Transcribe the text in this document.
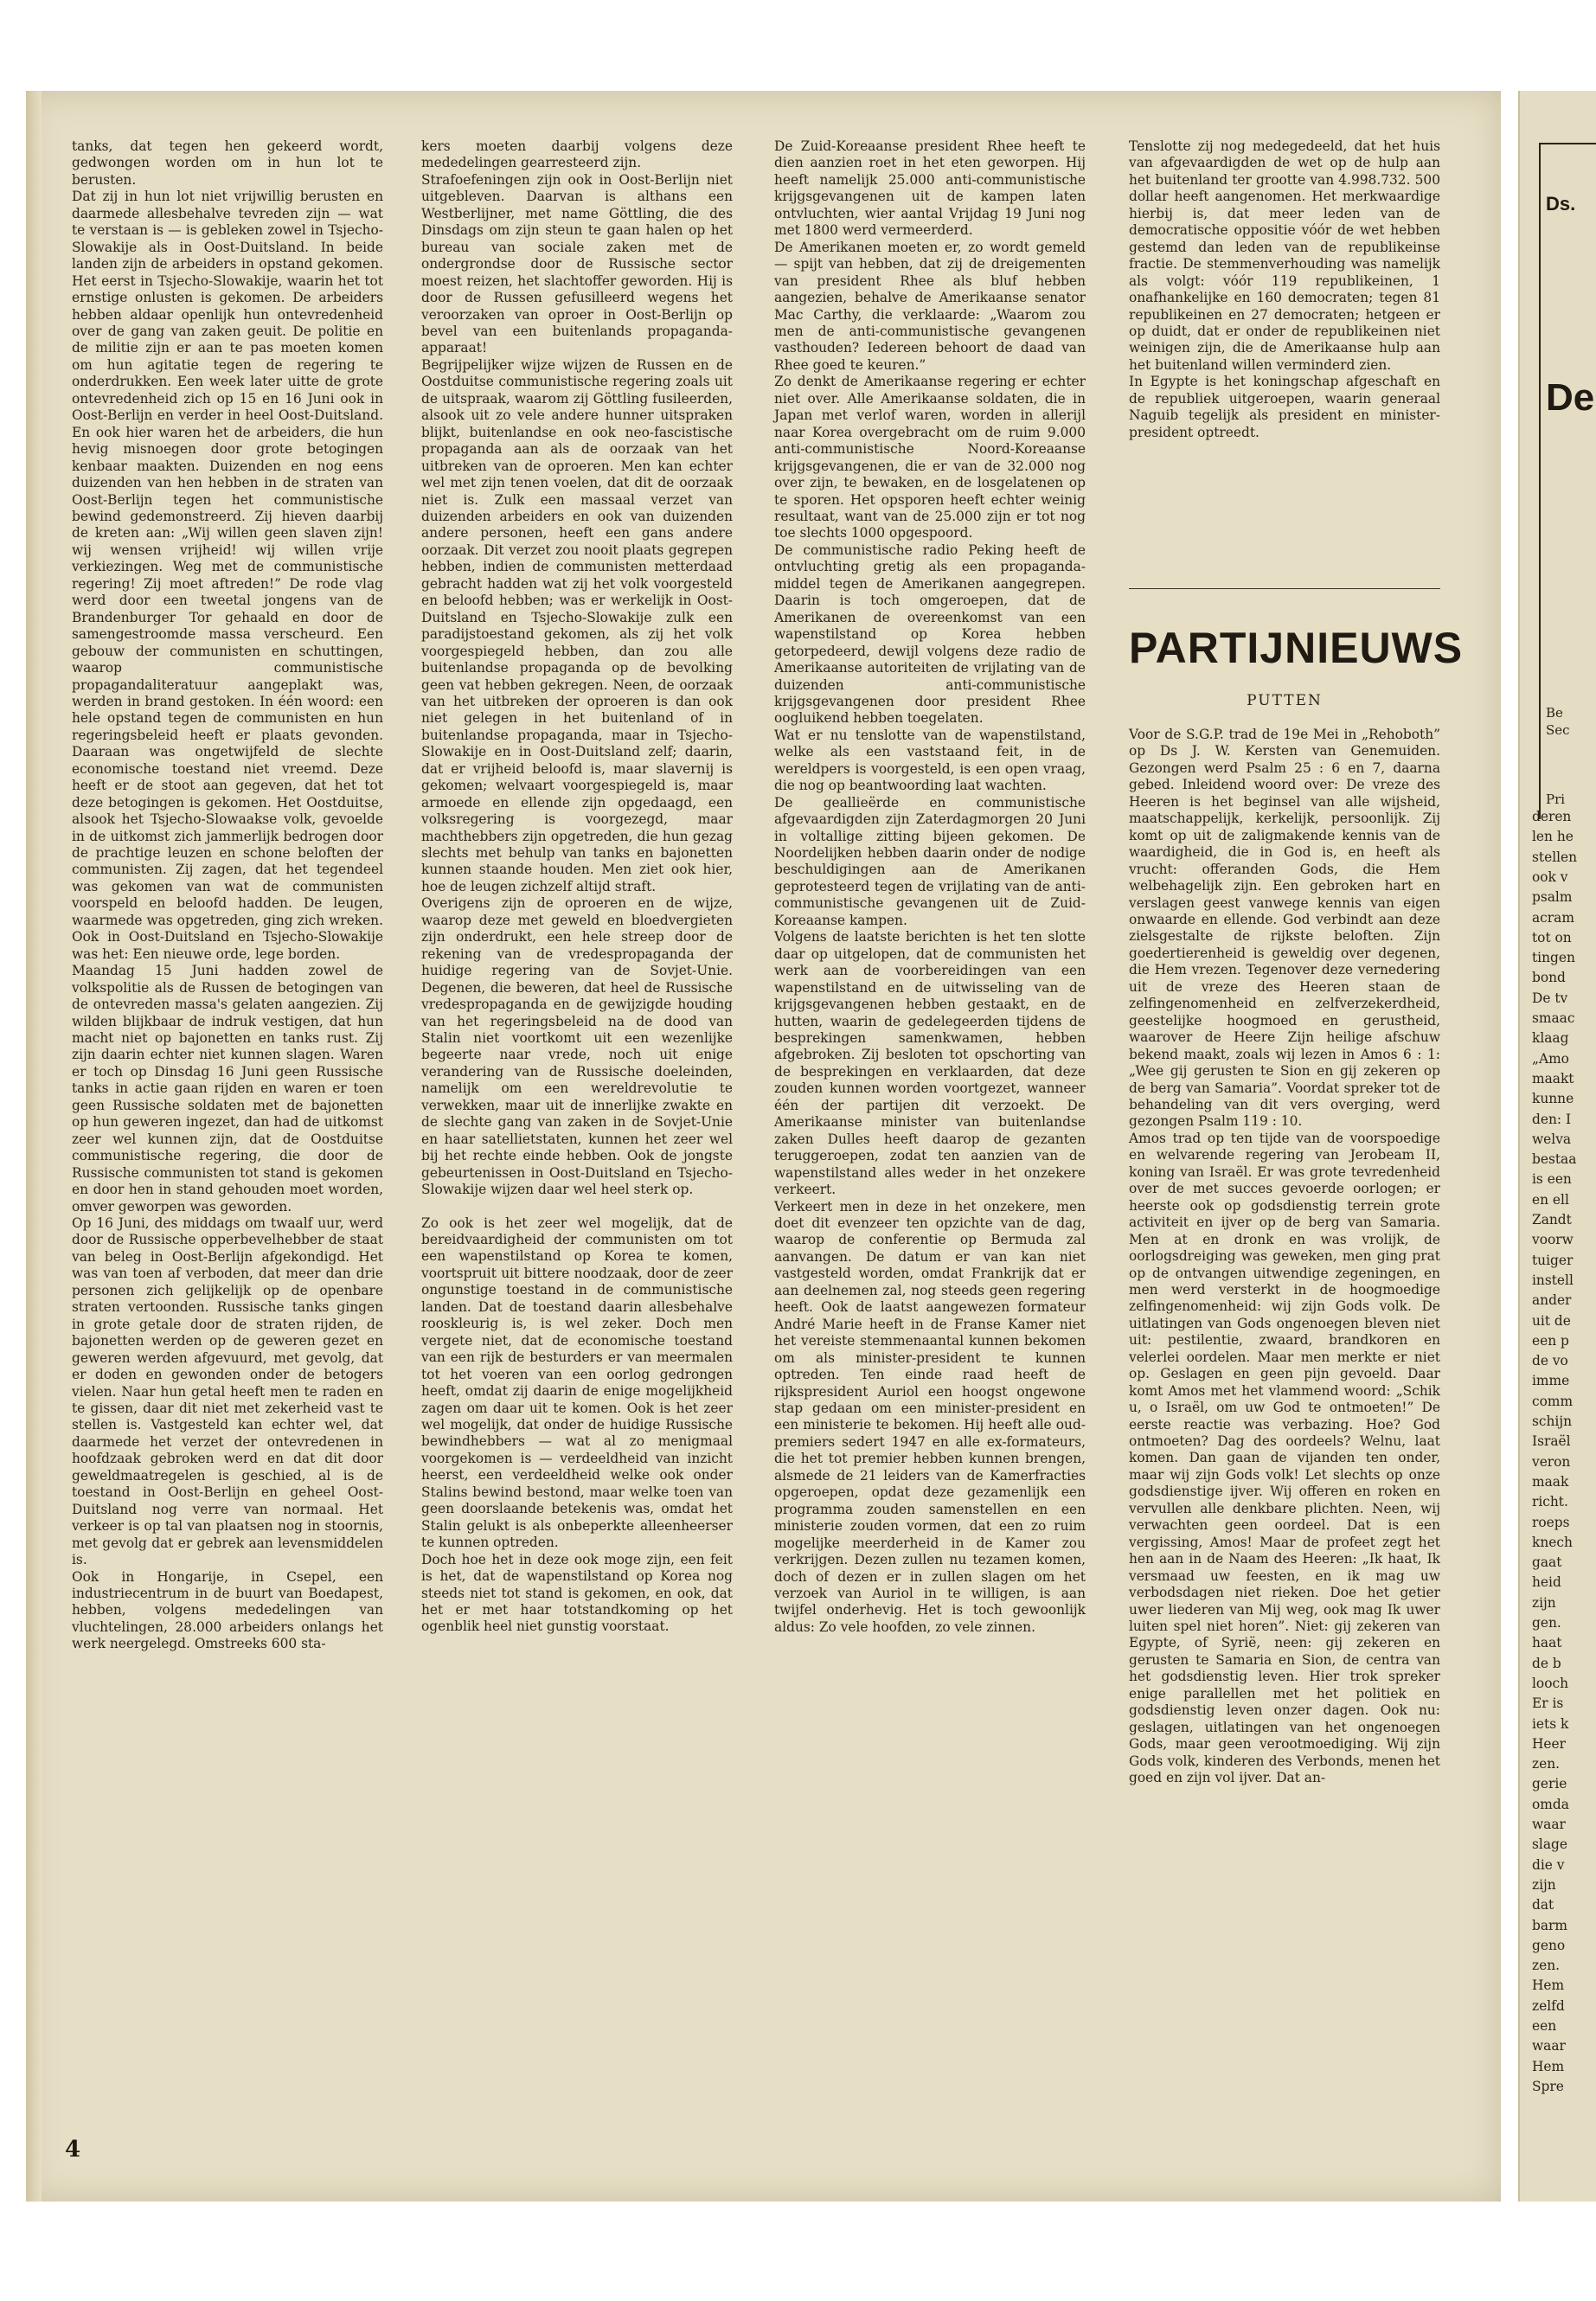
tanks, dat tegen hen gekeerd wordt, gedwongen worden om in hun lot te berusten.

Dat zij in hun lot niet vrijwillig berusten en daarmede allesbehalve tevreden zijn — wat te verstaan is — is gebleken zowel in Tsjecho-Slowakije als in Oost-Duitsland. In beide landen zijn de arbeiders in opstand gekomen. Het eerst in Tsjecho-Slowakije, waarin het tot ernstige onlusten is gekomen. De arbeiders hebben aldaar openlijk hun ontevredenheid over de gang van zaken geuit. De politie en de militie zijn er aan te pas moeten komen om hun agitatie tegen de regering te onderdrukken. Een week later uitte de grote ontevredenheid zich op 15 en 16 Juni ook in Oost-Berlijn en verder in heel Oost-Duitsland. En ook hier waren het de arbeiders, die hun hevig misnoegen door grote betogingen kenbaar maakten. Duizenden en nog eens duizenden van hen hebben in de straten van Oost-Berlijn tegen het communistische bewind gedemonstreerd. Zij hieven daarbij de kreten aan: „Wij willen geen slaven zijn! wij wensen vrijheid! wij willen vrije verkiezingen. Weg met de communistische regering! Zij moet aftreden!” De rode vlag werd door een tweetal jongens van de Brandenburger Tor gehaald en door de samengestroomde massa verscheurd. Een gebouw der communisten en schuttingen, waarop communistische propagandaliteratuur aangeplakt was, werden in brand gestoken. In één woord: een hele opstand tegen de communisten en hun regeringsbeleid heeft er plaats gevonden. Daaraan was ongetwijfeld de slechte economische toestand niet vreemd. Deze heeft er de stoot aan gegeven, dat het tot deze betogingen is gekomen. Het Oostduitse, alsook het Tsjecho-Slowaakse volk, gevoelde in de uitkomst zich jammerlijk bedrogen door de prachtige leuzen en schone beloften der communisten. Zij zagen, dat het tegendeel was gekomen van wat de communisten voorspeld en beloofd hadden. De leugen, waarmede was opgetreden, ging zich wreken. Ook in Oost-Duitsland en Tsjecho-Slowakije was het: Een nieuwe orde, lege borden.

Maandag 15 Juni hadden zowel de volkspolitie als de Russen de betogingen van de ontevreden massa's gelaten aangezien. Zij wilden blijkbaar de indruk vestigen, dat hun macht niet op bajonetten en tanks rust. Zij zijn daarin echter niet kunnen slagen. Waren er toch op Dinsdag 16 Juni geen Russische tanks in actie gaan rijden en waren er toen geen Russische soldaten met de bajonetten op hun geweren ingezet, dan had de uitkomst zeer wel kunnen zijn, dat de Oostduitse communistische regering, die door de Russische communisten tot stand is gekomen en door hen in stand gehouden moet worden, omver geworpen was geworden.

Op 16 Juni, des middags om twaalf uur, werd door de Russische opperbevelhebber de staat van beleg in Oost-Berlijn afgekondigd. Het was van toen af verboden, dat meer dan drie personen zich gelijkelijk op de openbare straten vertoonden. Russische tanks gingen in grote getale door de straten rijden, de bajonetten werden op de geweren gezet en geweren werden afgevuurd, met gevolg, dat er doden en gewonden onder de betogers vielen. Naar hun getal heeft men te raden en te gissen, daar dit niet met zekerheid vast te stellen is. Vastgesteld kan echter wel, dat daarmede het verzet der ontevredenen in hoofdzaak gebroken werd en dat dit door geweldmaatregelen is geschied, al is de toestand in Oost-Berlijn en geheel Oost-Duitsland nog verre van normaal. Het verkeer is op tal van plaatsen nog in stoornis, met gevolg dat er gebrek aan levensmiddelen is.

Ook in Hongarije, in Csepel, een industriecentrum in de buurt van Boedapest, hebben, volgens mededelingen van vluchtelingen, 28.000 arbeiders onlangs het werk neergelegd. Omstreeks 600 sta-

kers moeten daarbij volgens deze mededelingen gearresteerd zijn.

Strafoefeningen zijn ook in Oost-Berlijn niet uitgebleven. Daarvan is althans een Westberlijner, met name Göttling, die des Dinsdags om zijn steun te gaan halen op het bureau van sociale zaken met de ondergrondse door de Russische sector moest reizen, het slachtoffer geworden. Hij is door de Russen gefusilleerd wegens het veroorzaken van oproer in Oost-Berlijn op bevel van een buitenlands propaganda-apparaat!

Begrijpelijker wijze wijzen de Russen en de Oostduitse communistische regering zoals uit de uitspraak, waarom zij Göttling fusileerden, alsook uit zo vele andere hunner uitspraken blijkt, buitenlandse en ook neo-fascistische propaganda aan als de oorzaak van het uitbreken van de oproeren. Men kan echter wel met zijn tenen voelen, dat dit de oorzaak niet is. Zulk een massaal verzet van duizenden arbeiders en ook van duizenden andere personen, heeft een gans andere oorzaak. Dit verzet zou nooit plaats gegrepen hebben, indien de communisten metterdaad gebracht hadden wat zij het volk voorgesteld en beloofd hebben; was er werkelijk in Oost-Duitsland en Tsjecho-Slowakije zulk een paradijstoestand gekomen, als zij het volk voorgespiegeld hebben, dan zou alle buitenlandse propaganda op de bevolking geen vat hebben gekregen. Neen, de oorzaak van het uitbreken der oproeren is dan ook niet gelegen in het buitenland of in buitenlandse propaganda, maar in Tsjecho-Slowakije en in Oost-Duitsland zelf; daarin, dat er vrijheid beloofd is, maar slavernij is gekomen; welvaart voorgespiegeld is, maar armoede en ellende zijn opgedaagd, een volksregering is voorgezegd, maar machthebbers zijn opgetreden, die hun gezag slechts met behulp van tanks en bajonetten kunnen staande houden. Men ziet ook hier, hoe de leugen zichzelf altijd straft.

Overigens zijn de oproeren en de wijze, waarop deze met geweld en bloedvergieten zijn onderdrukt, een hele streep door de rekening van de vredespropaganda der huidige regering van de Sovjet-Unie. Degenen, die beweren, dat heel de Russische vredespropaganda en de gewijzigde houding van het regeringsbeleid na de dood van Stalin niet voortkomt uit een wezenlijke begeerte naar vrede, noch uit enige verandering van de Russische doeleinden, namelijk om een wereldrevolutie te verwekken, maar uit de innerlijke zwakte en de slechte gang van zaken in de Sovjet-Unie en haar satellietstaten, kunnen het zeer wel bij het rechte einde hebben. Ook de jongste gebeurtenissen in Oost-Duitsland en Tsjecho-Slowakije wijzen daar wel heel sterk op.

Zo ook is het zeer wel mogelijk, dat de bereidvaardigheid der communisten om tot een wapenstilstand op Korea te komen, voortspruit uit bittere noodzaak, door de zeer ongunstige toestand in de communistische landen. Dat de toestand daarin allesbehalve rooskleurig is, is wel zeker. Doch men vergete niet, dat de economische toestand van een rijk de besturders er van meermalen tot het voeren van een oorlog gedrongen heeft, omdat zij daarin de enige mogelijkheid zagen om daar uit te komen. Ook is het zeer wel mogelijk, dat onder de huidige Russische bewindhebbers — wat al zo menigmaal voorgekomen is — verdeeldheid van inzicht heerst, een verdeeldheid welke ook onder Stalins bewind bestond, maar welke toen van geen doorslaande betekenis was, omdat het Stalin gelukt is als onbeperkte alleenheerser te kunnen optreden.

Doch hoe het in deze ook moge zijn, een feit is het, dat de wapenstilstand op Korea nog steeds niet tot stand is gekomen, en ook, dat het er met haar totstandkoming op het ogenblik heel niet gunstig voorstaat.

De Zuid-Koreaanse president Rhee heeft te dien aanzien roet in het eten geworpen. Hij heeft namelijk 25.000 anti-communistische krijgsgevangenen uit de kampen laten ontvluchten, wier aantal Vrijdag 19 Juni nog met 1800 werd vermeerderd.

De Amerikanen moeten er, zo wordt gemeld — spijt van hebben, dat zij de dreigementen van president Rhee als bluf hebben aangezien, behalve de Amerikaanse senator Mac Carthy, die verklaarde: „Waarom zou men de anti-communistische gevangenen vasthouden? Iedereen behoort de daad van Rhee goed te keuren.”

Zo denkt de Amerikaanse regering er echter niet over. Alle Amerikaanse soldaten, die in Japan met verlof waren, worden in allerijl naar Korea overgebracht om de ruim 9.000 anti-communistische Noord-Koreaanse krijgsgevangenen, die er van de 32.000 nog over zijn, te bewaken, en de losgelatenen op te sporen. Het opsporen heeft echter weinig resultaat, want van de 25.000 zijn er tot nog toe slechts 1000 opgespoord.

De communistische radio Peking heeft de ontvluchting gretig als een propaganda-middel tegen de Amerikanen aangegrepen. Daarin is toch omgeroepen, dat de Amerikanen de overeenkomst van een wapenstilstand op Korea hebben getorpedeerd, dewijl volgens deze radio de Amerikaanse autoriteiten de vrijlating van de duizenden anti-communistische krijgsgevangenen door president Rhee oogluikend hebben toegelaten.

Wat er nu tenslotte van de wapenstilstand, welke als een vaststaand feit, in de wereldpers is voorgesteld, is een open vraag, die nog op beantwoording laat wachten.

De geallieërde en communistische afgevaardigden zijn Zaterdagmorgen 20 Juni in voltallige zitting bijeen gekomen. De Noordelijken hebben daarin onder de nodige beschuldigingen aan de Amerikanen geprotesteerd tegen de vrijlating van de anti-communistische gevangenen uit de Zuid-Koreaanse kampen.

Volgens de laatste berichten is het ten slotte daar op uitgelopen, dat de communisten het werk aan de voorbereidingen van een wapenstilstand en de uitwisseling van de krijgsgevangenen hebben gestaakt, en de hutten, waarin de gedelegeerden tijdens de besprekingen samenkwamen, hebben afgebroken. Zij besloten tot opschorting van de besprekingen en verklaarden, dat deze zouden kunnen worden voortgezet, wanneer één der partijen dit verzoekt. De Amerikaanse minister van buitenlandse zaken Dulles heeft daarop de gezanten teruggeroepen, zodat ten aanzien van de wapenstilstand alles weder in het onzekere verkeert.

Verkeert men in deze in het onzekere, men doet dit evenzeer ten opzichte van de dag, waarop de conferentie op Bermuda zal aanvangen. De datum er van kan niet vastgesteld worden, omdat Frankrijk dat er aan deelnemen zal, nog steeds geen regering heeft. Ook de laatst aangewezen formateur André Marie heeft in de Franse Kamer niet het vereiste stemmenaantal kunnen bekomen om als minister-president te kunnen optreden. Ten einde raad heeft de rijkspresident Auriol een hoogst ongewone stap gedaan om een minister-president en een ministerie te bekomen. Hij heeft alle oud-premiers sedert 1947 en alle ex-formateurs, die het tot premier hebben kunnen brengen, alsmede de 21 leiders van de Kamerfracties opgeroepen, opdat deze gezamenlijk een programma zouden samenstellen en een ministerie zouden vormen, dat een zo ruim mogelijke meerderheid in de Kamer zou verkrijgen. Dezen zullen nu tezamen komen, doch of dezen er in zullen slagen om het verzoek van Auriol in te willigen, is aan twijfel onderhevig. Het is toch gewoonlijk aldus: Zo vele hoofden, zo vele zinnen.

Tenslotte zij nog medegedeeld, dat het huis van afgevaardigden de wet op de hulp aan het buitenland ter grootte van 4.998.732. 500 dollar heeft aangenomen. Het merkwaardige hierbij is, dat meer leden van de democratische oppositie vóór de wet hebben gestemd dan leden van de republikeinse fractie. De stemmenverhouding was namelijk als volgt: vóór 119 republikeinen, 1 onafhankelijke en 160 democraten; tegen 81 republikeinen en 27 democraten; hetgeen er op duidt, dat er onder de republikeinen niet weinigen zijn, die de Amerikaanse hulp aan het buitenland willen verminderd zien.

In Egypte is het koningschap afgeschaft en de republiek uitgeroepen, waarin generaal Naguib tegelijk als president en minister-president optreedt.

PARTIJNIEUWS
PUTTEN

Voor de S.G.P. trad de 19e Mei in „Rehoboth” op Ds J. W. Kersten van Genemuiden. Gezongen werd Psalm 25 : 6 en 7, daarna gebed. Inleidend woord over: De vreze des Heeren is het beginsel van alle wijsheid, maatschappelijk, kerkelijk, persoonlijk. Zij komt op uit de zaligmakende kennis van de waardigheid, die in God is, en heeft als vrucht: offeranden Gods, die Hem welbehagelijk zijn. Een gebroken hart en verslagen geest vanwege kennis van eigen onwaarde en ellende. God verbindt aan deze zielsgestalte de rijkste beloften. Zijn goedertierenheid is geweldig over degenen, die Hem vrezen. Tegenover deze vernedering uit de vreze des Heeren staan de zelfingenomenheid en zelfverzekerdheid, geestelijke hoogmoed en gerustheid, waarover de Heere Zijn heilige afschuw bekend maakt, zoals wij lezen in Amos 6 : 1: „Wee gij gerusten te Sion en gij zekeren op de berg van Samaria”. Voordat spreker tot de behandeling van dit vers overging, werd gezongen Psalm 119 : 10.

Amos trad op ten tijde van de voorspoedige en welvarende regering van Jerobeam II, koning van Israël. Er was grote tevredenheid over de met succes gevoerde oorlogen; er heerste ook op godsdienstig terrein grote activiteit en ijver op de berg van Samaria. Men at en dronk en was vrolijk, de oorlogsdreiging was geweken, men ging prat op de ontvangen uitwendige zegeningen, en men werd versterkt in de hoogmoedige zelfingenomenheid: wij zijn Gods volk. De uitlatingen van Gods ongenoegen bleven niet uit: pestilentie, zwaard, brandkoren en velerlei oordelen. Maar men merkte er niet op. Geslagen en geen pijn gevoeld. Daar komt Amos met het vlammend woord: „Schik u, o Israël, om uw God te ontmoeten!” De eerste reactie was verbazing. Hoe? God ontmoeten? Dag des oordeels? Welnu, laat komen. Dan gaan de vijanden ten onder, maar wij zijn Gods volk! Let slechts op onze godsdienstige ijver. Wij offeren en roken en vervullen alle denkbare plichten. Neen, wij verwachten geen oordeel. Dat is een vergissing, Amos! Maar de profeet zegt het hen aan in de Naam des Heeren: „Ik haat, Ik versmaad uw feesten, en ik mag uw verbodsdagen niet rieken. Doe het getier uwer liederen van Mij weg, ook mag Ik uwer luiten spel niet horen”. Niet: gij zekeren van Egypte, of Syrië, neen: gij zekeren en gerusten te Samaria en Sion, de centra van het godsdienstig leven. Hier trok spreker enige parallellen met het politiek en godsdienstig leven onzer dagen. Ook nu: geslagen, uitlatingen van het ongenoegen Gods, maar geen verootmoediging. Wij zijn Gods volk, kinderen des Verbonds, menen het goed en zijn vol ijver. Dat an-

4
Ds.
De
Be
Sec
Pri
deren
len he
stellen
ook v
psalm
acram
tot on
tingen
bond
De tv
smaac
klaag
„Amo
maakt
kunne
den: I
welva
bestaa
is een
en ell
Zandt
voorw
tuiger
instell
ander
uit de
een p
de vo
imme
comm
schijn
Israël
veron
maak
richt.
roeps
knech
gaat
heid
zijn
gen.
haat
de b
looch
Er is
iets k
Heer
zen.
gerie
omda
waar
slage
die v
zijn
dat
barm
geno
zen.
Hem
zelfd
een
waar
Hem
Spre
